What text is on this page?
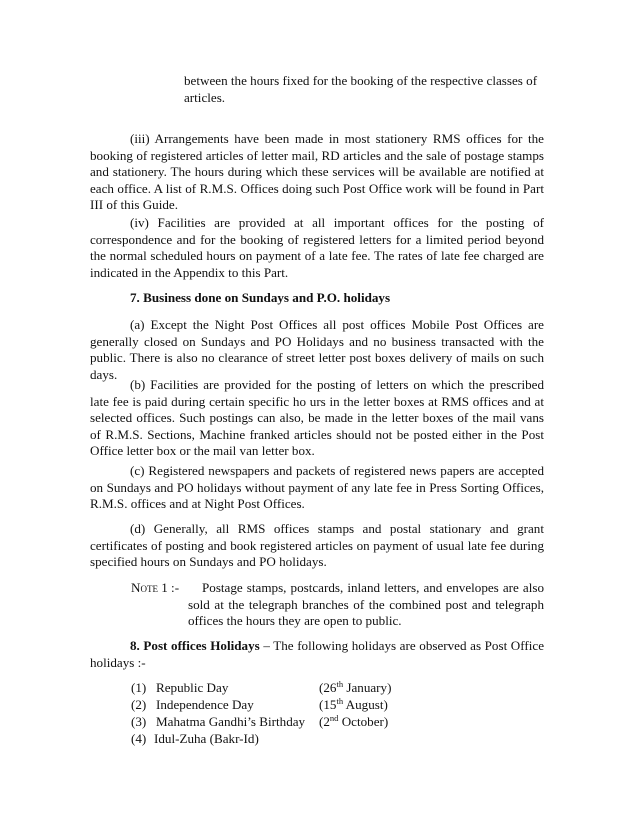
between the hours fixed for the booking of the respective classes of
articles.
(iii) Arrangements have been made in most stationery RMS offices for the booking of registered articles of letter mail, RD articles and the sale of postage stamps and stationery. The hours during which these services will be available are notified at each office. A list of R.M.S. Offices doing such Post Office work will be found in Part III of this Guide.
(iv) Facilities are provided at all important offices for the posting of correspondence and for the booking of registered letters for a limited period beyond the normal scheduled hours on payment of a late fee. The rates of late fee charged are indicated in the Appendix to this Part.
7. Business done on Sundays and P.O. holidays
(a) Except the Night Post Offices all post offices Mobile Post Offices are generally closed on Sundays and PO Holidays and no business transacted with the public. There is also no clearance of street letter post boxes delivery of mails on such days.
(b) Facilities are provided for the posting of letters on which the prescribed late fee is paid during certain specific ho urs in the letter boxes at RMS offices and at selected offices. Such postings can also, be made in the letter boxes of the mail vans of R.M.S. Sections, Machine franked articles should not be posted either in the Post Office letter box or the mail van letter box.
(c) Registered newspapers and packets of registered news papers are accepted on Sundays and PO holidays without payment of any late fee in Press Sorting Offices, R.M.S. offices and at Night Post Offices.
(d) Generally, all RMS offices stamps and postal stationary and grant certificates of posting and book registered articles on payment of usual late fee during specified hours on Sundays and PO holidays.
Note 1 :-	Postage stamps, postcards, inland letters, and envelopes are also sold at the telegraph branches of the combined post and telegraph offices the hours they are open to public.
8. Post offices Holidays – The following holidays are observed as Post Office holidays :-
(1) Republic Day	(26th January)
(2) Independence Day	(15th August)
(3) Mahatma Gandhi’s Birthday (2nd October)
(4) Idul-Zuha (Bakr-Id)
